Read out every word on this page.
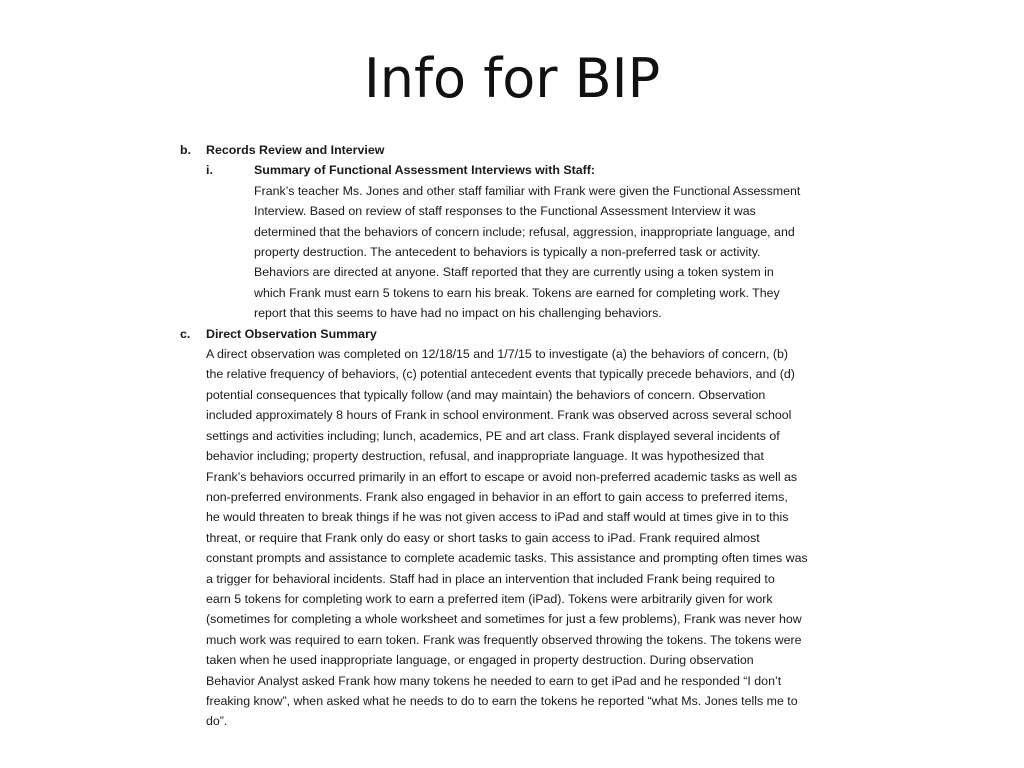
Info for BIP
b.	Records Review and Interview
i.	Summary of Functional Assessment Interviews with Staff:
Frank’s teacher Ms. Jones and other staff familiar with Frank were given the Functional Assessment
Interview. Based on review of staff responses to the Functional Assessment Interview it was
determined that the behaviors of concern include; refusal, aggression, inappropriate language, and
property destruction. The antecedent to behaviors is typically a non-preferred task or activity.
Behaviors are directed at anyone. Staff reported that they are currently using a token system in
which Frank must earn 5 tokens to earn his break. Tokens are earned for completing work. They
report that this seems to have had no impact on his challenging behaviors.
c.	Direct Observation Summary
A direct observation was completed on 12/18/15 and 1/7/15 to investigate (a) the behaviors of concern, (b)
the relative frequency of behaviors, (c) potential antecedent events that typically precede behaviors, and (d)
potential consequences that typically follow (and may maintain) the behaviors of concern. Observation
included approximately 8 hours of Frank in school environment. Frank was observed across several school
settings and activities including; lunch, academics, PE and art class. Frank displayed several incidents of
behavior including; property destruction, refusal, and inappropriate language. It was hypothesized that
Frank’s behaviors occurred primarily in an effort to escape or avoid non-preferred academic tasks as well as
non-preferred environments. Frank also engaged in behavior in an effort to gain access to preferred items,
he would threaten to break things if he was not given access to iPad and staff would at times give in to this
threat, or require that Frank only do easy or short tasks to gain access to iPad. Frank required almost
constant prompts and assistance to complete academic tasks. This assistance and prompting often times was
a trigger for behavioral incidents. Staff had in place an intervention that included Frank being required to
earn 5 tokens for completing work to earn a preferred item (iPad). Tokens were arbitrarily given for work
(sometimes for completing a whole worksheet and sometimes for just a few problems), Frank was never how
much work was required to earn token. Frank was frequently observed throwing the tokens. The tokens were
taken when he used inappropriate language, or engaged in property destruction. During observation
Behavior Analyst asked Frank how many tokens he needed to earn to get iPad and he responded “I don’t
freaking know”, when asked what he needs to do to earn the tokens he reported “what Ms. Jones tells me to
do”.
